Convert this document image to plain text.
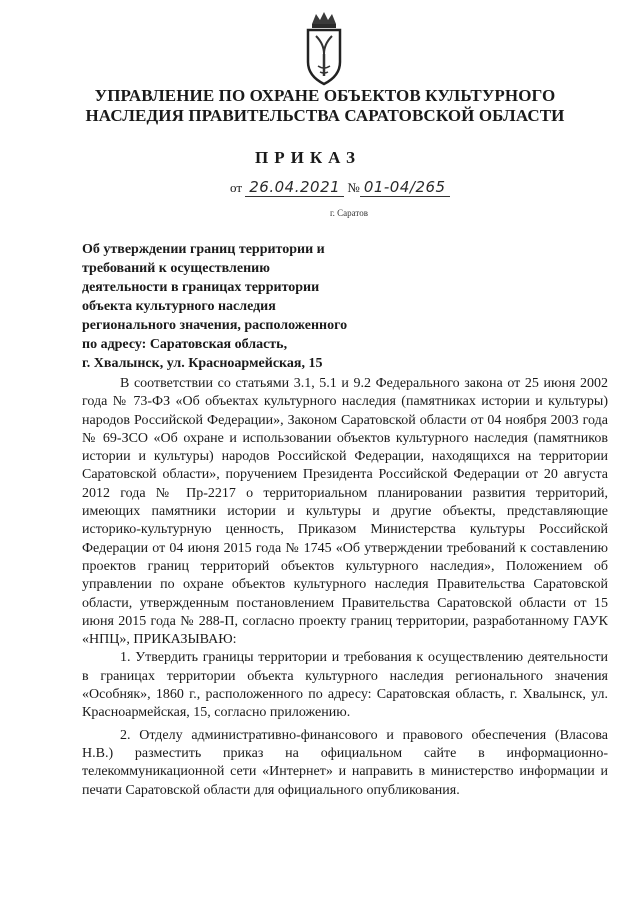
УПРАВЛЕНИЕ ПО ОХРАНЕ ОБЪЕКТОВ КУЛЬТУРНОГО
НАСЛЕДИЯ ПРАВИТЕЛЬСТВА САРАТОВСКОЙ ОБЛАСТИ
ПРИКАЗ
от 26.04.2021 № 01-04/265
г. Саратов
Об утверждении границ территории и
требований к осуществлению
деятельности в границах территории
объекта культурного наследия
регионального значения, расположенного
по адресу: Саратовская область,
г. Хвалынск, ул. Красноармейская, 15

В соответствии со статьями 3.1, 5.1 и 9.2 Федерального закона от 25 июня 2002 года № 73-ФЗ «Об объектах культурного наследия (памятниках истории и культуры) народов Российской Федерации», Законом Саратовской области от 04 ноября 2003 года № 69-ЗСО «Об охране и использовании объектов культурного наследия (памятников истории и культуры) народов Российской Федерации, находящихся на территории Саратовской области», поручением Президента Российской Федерации от 20 августа 2012 года № Пр-2217 о территориальном планировании развития территорий, имеющих памятники истории и культуры и другие объекты, представляющие историко-культурную ценность, Приказом Министерства культуры Российской Федерации от 04 июня 2015 года № 1745 «Об утверждении требований к составлению проектов границ территорий объектов культурного наследия», Положением об управлении по охране объектов культурного наследия Правительства Саратовской области, утвержденным постановлением Правительства Саратовской области от 15 июня 2015 года № 288-П, согласно проекту границ территории, разработанному ГАУК «НПЦ», ПРИКАЗЫВАЮ:

1. Утвердить границы территории и требования к осуществлению деятельности в границах территории объекта культурного наследия регионального значения «Особняк», 1860 г., расположенного по адресу: Саратовская область, г. Хвалынск, ул. Красноармейская, 15, согласно приложению.

2. Отделу административно-финансового и правового обеспечения (Власова Н.В.) разместить приказ на официальном сайте в информационно-телекоммуникационной сети «Интернет» и направить в министерство информации и печати Саратовской области для официального опубликования.
